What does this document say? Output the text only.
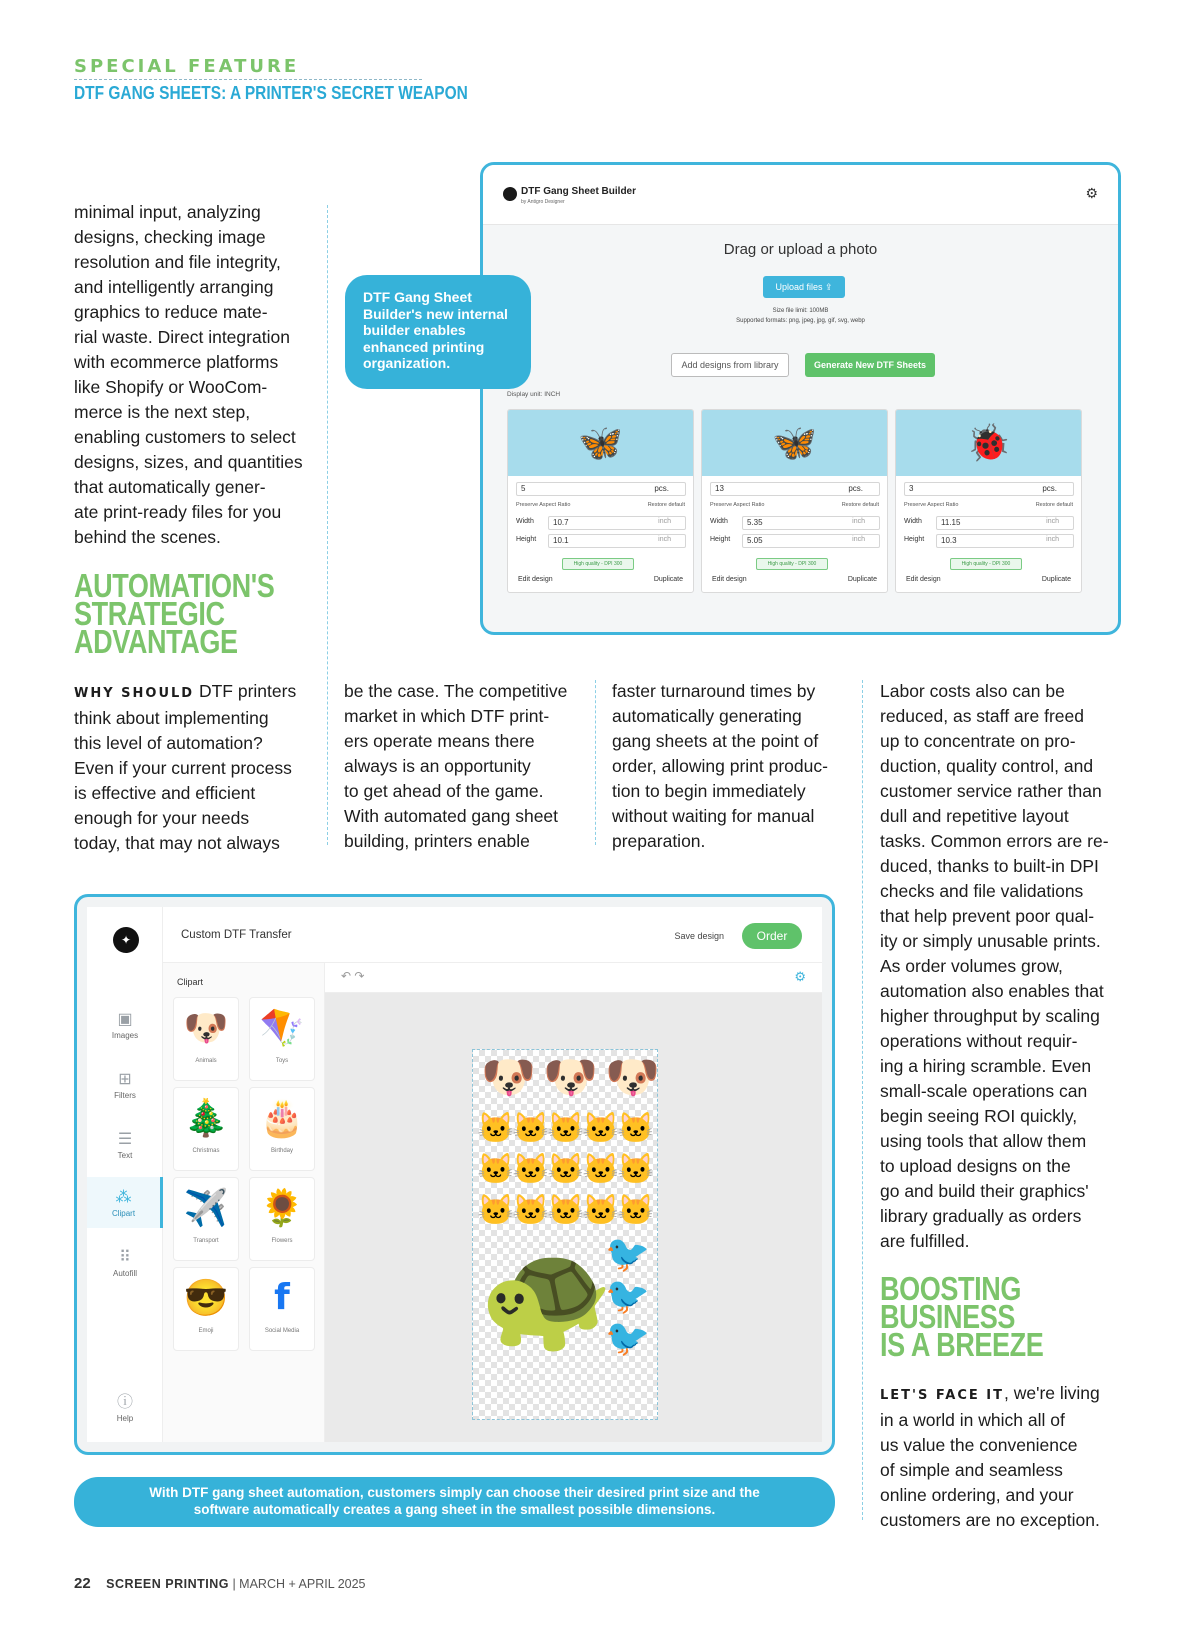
SPECIAL FEATURE
DTF GANG SHEETS: A PRINTER'S SECRET WEAPON
minimal input, analyzing
designs, checking image
resolution and file integrity,
and intelligently arranging
graphics to reduce mate-
rial waste. Direct integration
with ecommerce platforms
like Shopify or WooCom-
merce is the next step,
enabling customers to select
designs, sizes, and quantities
that automatically gener-
ate print-ready files for you
behind the scenes.
AUTOMATION'S
STRATEGIC
ADVANTAGE
DTF Gang Sheet
Builder's new internal
builder enables
enhanced printing
organization.
DTF Gang Sheet Builder
by Antigro Designer
⚙
Drag or upload a photo
Upload files ⇪
Size file limit: 100MB
Supported formats: png, jpeg, jpg, gif, svg, webp
Add designs from library	Generate New DTF Sheets
Display unit: INCH
🦋
5	pcs.
Preserve Aspect Ratio	Restore default
Width	10.7	inch
Height	10.1	inch
High quality - DPI 300
Edit design	Duplicate
🦋
13	pcs.
Preserve Aspect Ratio	Restore default
Width	5.35	inch
Height	5.05	inch
High quality - DPI 300
Edit design	Duplicate
🐞
3	pcs.
Preserve Aspect Ratio	Restore default
Width	11.15	inch
Height	10.3	inch
High quality - DPI 300
Edit design	Duplicate
WHY SHOULD DTF printers
think about implementing
this level of automation?
Even if your current process
is effective and efficient
enough for your needs
today, that may not always
be the case. The competitive
market in which DTF print-
ers operate means there
always is an opportunity
to get ahead of the game.
With automated gang sheet
building, printers enable
faster turnaround times by
automatically generating
gang sheets at the point of
order, allowing print produc-
tion to begin immediately
without waiting for manual
preparation.
Labor costs also can be
reduced, as staff are freed
up to concentrate on pro-
duction, quality control, and
customer service rather than
dull and repetitive layout
tasks. Common errors are re-
duced, thanks to built-in DPI
checks and file validations
that help prevent poor qual-
ity or simply unusable prints.
As order volumes grow,
automation also enables that
higher throughput by scaling
operations without requir-
ing a hiring scramble. Even
small-scale operations can
begin seeing ROI quickly,
using tools that allow them
to upload designs on the
go and build their graphics'
library gradually as orders
are fulfilled.
BOOSTING
BUSINESS
IS A BREEZE
LET'S FACE IT, we're living
in a world in which all of
us value the convenience
of simple and seamless
online ordering, and your
customers are no exception.
✦
▣
Images
⊞
Filters
☰
Text
⁂
Clipart
⠿
Autofill
ⓘ
Help
Custom DTF Transfer	Save design	Order
Clipart
🐶
Animals
🪁
Toys
🎄
Christmas
🎂
Birthday
✈️
Transport
🌻
Flowers
😎
Emoji
f
Social Media
↶ ↷	⚙
🐶 🐶 🐶
🐱
🐱
🐱
🐱
🐱
🐱
🐱
🐱
🐱
🐱
🐱
🐱
🐱
🐱
🐱
🐢
🐦
🐦
🐦
With DTF gang sheet automation, customers simply can choose their desired print size and the
software automatically creates a gang sheet in the smallest possible dimensions.
22 SCREEN PRINTING | MARCH + APRIL 2025
